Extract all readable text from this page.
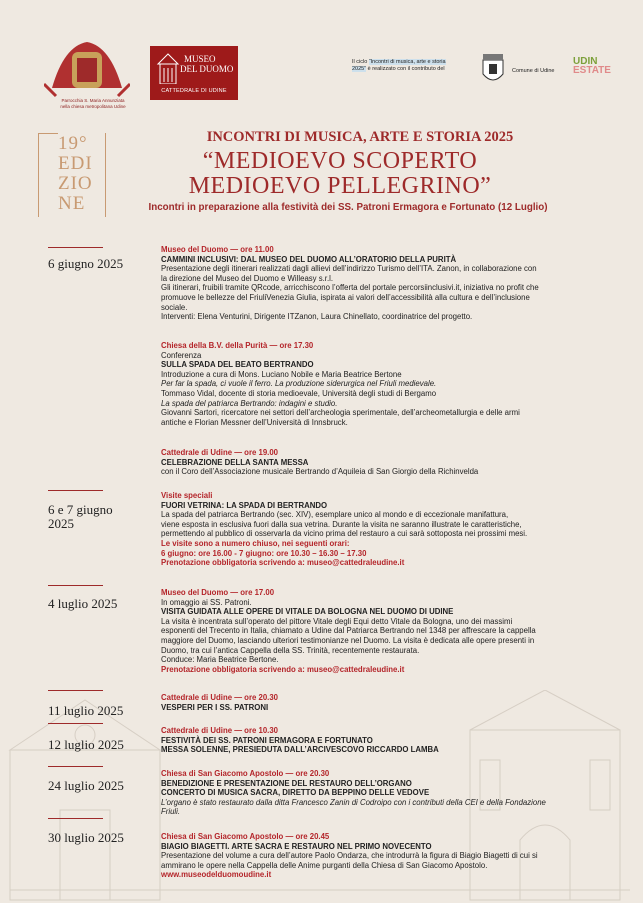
Parrocchia S. Maria Annunziata
nella chiesa metropolitana Udine
MUSEO
DEL DUOMO
CATTEDRALE DI UDINE
Il ciclo “Incontri di musica, arte e storia 2025” è realizzato con il contributo del	Comune di Udine
UDIN
ESTATE
19°
EDI
ZIO
NE
INCONTRI DI MUSICA, ARTE E STORIA 2025
“MEDIOEVO SCOPERTO
MEDIOEVO PELLEGRINO”
Incontri in preparazione alla festività dei SS. Patroni Ermagora e Fortunato (12 Luglio)
6 giugno 2025
6 e 7 giugno
2025
4 luglio 2025
11 luglio 2025
12 luglio 2025
24 luglio 2025
30 luglio 2025

Museo del Duomo — ore 11.00

CAMMINI INCLUSIVI: DAL MUSEO DEL DUOMO ALL’ORATORIO DELLA PURITÀ

Presentazione degli itinerari realizzati dagli allievi dell’indirizzo Turismo dell’ITA. Zanon, in collaborazione con

la direzione del Museo del Duomo e Willeasy s.r.l.

Gli itinerari, fruibili tramite QRcode, arricchiscono l’offerta del portale percorsiinclusivi.it, iniziativa no profit che

promuove le bellezze del FriuliVenezia Giulia, ispirata ai valori dell’accessibilità alla cultura e dell’inclusione

sociale.

Interventi: Elena Venturini, Dirigente ITZanon, Laura Chinellato, coordinatrice del progetto.

Chiesa della B.V. della Purità — ore 17.30

Conferenza

SULLA SPADA DEL BEATO BERTRANDO

Introduzione a cura di Mons. Luciano Nobile e Maria Beatrice Bertone

Per far la spada, ci vuole il ferro. La produzione siderurgica nel Friuli medievale.

Tommaso Vidal, docente di storia medioevale, Università degli studi di Bergamo

La spada del patriarca Bertrando: indagini e studio.

Giovanni Sartori, ricercatore nei settori dell’archeologia sperimentale, dell’archeometallurgia e delle armi

antiche e Florian Messner dell’Università di Innsbruck.

Cattedrale di Udine — ore 19.00

CELEBRAZIONE DELLA SANTA MESSA

con il Coro dell’Associazione musicale Bertrando d’Aquileia di San Giorgio della Richinvelda

Visite speciali

FUORI VETRINA: LA SPADA DI BERTRANDO

La spada del patriarca Bertrando (sec. XIV), esemplare unico al mondo e di eccezionale manifattura,

viene esposta in esclusiva fuori dalla sua vetrina. Durante la visita ne saranno illustrate le caratteristiche,

permettendo al pubblico di osservarla da vicino prima del restauro a cui sarà sottoposta nei prossimi mesi.

Le visite sono a numero chiuso, nei seguenti orari:

6 giugno: ore 16.00 - 7 giugno: ore 10.30 – 16.30 – 17.30

Prenotazione obbligatoria scrivendo a: museo@cattedraleudine.it

Museo del Duomo — ore 17.00

In omaggio ai SS. Patroni.

VISITA GUIDATA ALLE OPERE DI VITALE DA BOLOGNA NEL DUOMO DI UDINE

La visita è incentrata sull’operato del pittore Vitale degli Equi detto Vitale da Bologna, uno dei massimi

esponenti del Trecento in Italia, chiamato a Udine dal Patriarca Bertrando nel 1348 per affrescare la cappella

maggiore del Duomo, lasciando ulteriori testimonianze nel Duomo. La visita è dedicata alle opere presenti in

Duomo, tra cui l’antica Cappella della SS. Trinità, recentemente restaurata.

Conduce: Maria Beatrice Bertone.

Prenotazione obbligatoria scrivendo a: museo@cattedraleudine.it

Cattedrale di Udine — ore 20.30

VESPERI PER I SS. PATRONI

Cattedrale di Udine — ore 10.30

FESTIVITÀ DEI SS. PATRONI ERMAGORA E FORTUNATO

MESSA SOLENNE, PRESIEDUTA DALL’ARCIVESCOVO RICCARDO LAMBA

Chiesa di San Giacomo Apostolo — ore 20.30

BENEDIZIONE E PRESENTAZIONE DEL RESTAURO DELL’ORGANO

CONCERTO DI MUSICA SACRA, DIRETTO DA BEPPINO DELLE VEDOVE

L’organo è stato restaurato dalla ditta Francesco Zanin di Codroipo con i contributi della CEI e della Fondazione

Friuli.

Chiesa di San Giacomo Apostolo — ore 20.45

BIAGIO BIAGETTI. ARTE SACRA E RESTAURO NEL PRIMO NOVECENTO

Presentazione del volume a cura dell’autore Paolo Ondarza, che introdurrà la figura di Biagio Biagetti di cui si

ammirano le opere nella Cappella delle Anime purganti della Chiesa di San Giacomo Apostolo.

www.museodelduomoudine.it
